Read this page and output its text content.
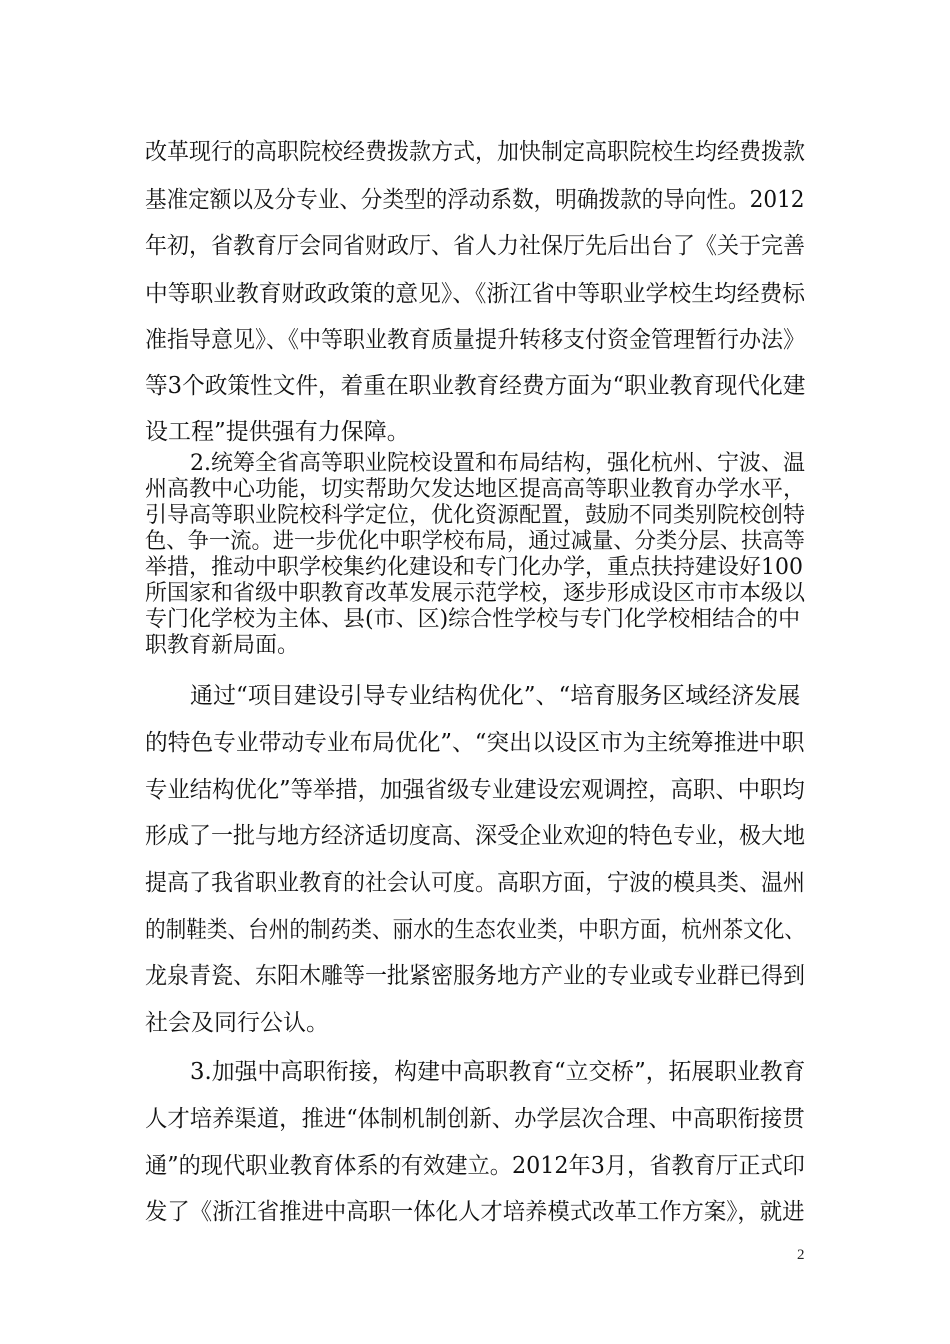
改革现行的高职院校经费拨款方式，加快制定高职院校生均经费拨款
基准定额以及分专业、分类型的浮动系数，明确拨款的导向性。2012
年初，省教育厅会同省财政厅、省人力社保厅先后出台了《关于完善
中等职业教育财政政策的意见》、《浙江省中等职业学校生均经费标
准指导意见》、《中等职业教育质量提升转移支付资金管理暂行办法》
等3个政策性文件，着重在职业教育经费方面为“职业教育现代化建
设工程”提供强有力保障。
2.统筹全省高等职业院校设置和布局结构，强化杭州、宁波、温
州高教中心功能，切实帮助欠发达地区提高高等职业教育办学水平，
引导高等职业院校科学定位，优化资源配置，鼓励不同类别院校创特
色、争一流。进一步优化中职学校布局，通过减量、分类分层、扶高等
举措，推动中职学校集约化建设和专门化办学，重点扶持建设好100
所国家和省级中职教育改革发展示范学校，逐步形成设区市市本级以
专门化学校为主体、县(市、区)综合性学校与专门化学校相结合的中
职教育新局面。
通过“项目建设引导专业结构优化”、“培育服务区域经济发展
的特色专业带动专业布局优化”、“突出以设区市为主统筹推进中职
专业结构优化”等举措，加强省级专业建设宏观调控，高职、中职均
形成了一批与地方经济适切度高、深受企业欢迎的特色专业，极大地
提高了我省职业教育的社会认可度。高职方面，宁波的模具类、温州
的制鞋类、台州的制药类、丽水的生态农业类，中职方面，杭州茶文化、
龙泉青瓷、东阳木雕等一批紧密服务地方产业的专业或专业群已得到
社会及同行公认。
3.加强中高职衔接，构建中高职教育“立交桥”，拓展职业教育
人才培养渠道，推进“体制机制创新、办学层次合理、中高职衔接贯
通”的现代职业教育体系的有效建立。2012年3月，省教育厅正式印
发了《浙江省推进中高职一体化人才培养模式改革工作方案》，就进
2
